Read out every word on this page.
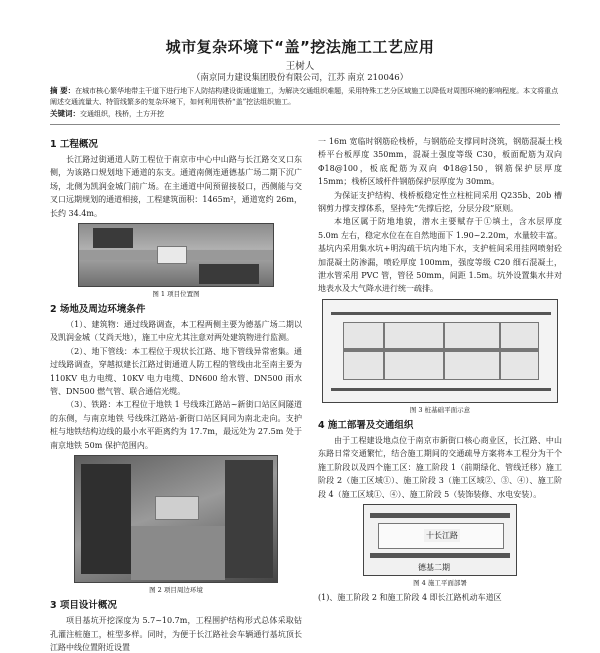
城市复杂环境下“盖”挖法施工工艺应用
王树人
（南京同力建设集团股份有限公司，江苏 南京 210046）
摘 要：在城市核心繁华地带主干道下进行地下人防结构建设街通道施工，为解决交通组织难题，采用特殊工艺分区域施工以降低对周围环境的影响程度。本文将重点阐述交通流量大、特管线繁多的复杂环境下，如何利用铁桥“盖”挖法组织施工。
关键词：交通组织，栈桥，土方开挖
1 工程概况

长江路过街通道人防工程位于南京市中心中山路与长江路交叉口东侧，为该路口规划地下通道的东支。通道南侧连通德基广场二期下沉广场，北侧为凯润金城门前广场。在主通道中间预留接驳口，西侧能与交叉口远期规划的通道相接，工程建筑面积：1465m²，通道宽约 26m，长约 34.4m。

图 1 项目位置图
2 场地及周边环境条件

（1）、建筑物：通过线路调查，本工程两侧主要为德基广场二期以及凯润金城（艾尚天地），施工中应尤其注意对两处建筑物进行监测。

（2）、地下管线：本工程位于现状长江路、地下管线异常密集。通过线路调查，穿越拟建长江路过街通道人防工程的管线由北至南主要为110KV 电力电缆、10KV 电力电缆、DN600 给水管、DN500 雨水管、DN500 燃气管、联合通信光缆。

（3）、铁路：本工程位于地铁 1 号线珠江路站~新街口站区间隧道的东侧，与南京地铁 号线珠江路站-新街口站区间同为南北走向。支护桩与地铁结构边线的最小水平距离约为 17.7m，最远处为 27.5m 处于南京地铁 50m 保护范围内。

图 2 项目周边环境
3 项目设计概况

项目基坑开挖深度为 5.7~10.7m，工程围护结构形式总体采取钻孔灌注桩施工，桩型多样。同时，为便于长江路社会车辆通行基坑顶长江路中线位置附近设置

一 16m 宽临时钢筋砼栈桥，与钢筋砼支撑同时浇筑，钢筋混凝土栈桥平台板厚度 350mm，混凝土强度等级 C30，板面配筋为双向 Φ18@100，板底配筋为双向 Φ18@150，钢筋保护层厚度 15mm；栈桥区域杆件钢筋保护层厚度为 30mm。

为保证支护结构、栈桥板稳定性立柱桩同采用 Q235b、20b 槽钢剪力撑支撑体系，坚持先“先撑后挖，分层分段”原则。

本地区属于防地地貌，潜水主要赋存于①填土，含水层厚度 5.0m 左右，稳定水位在在自然地面下 1.90~2.20m，水量较丰富。基坑内采用集水坑+明沟疏干坑内地下水，支护桩间采用挂网喷射砼加混凝土防渗漏，喷砼厚度 100mm，强度等级 C20 细石混凝土，泄水管采用 PVC 管，管径 50mm，间距 1.5m。坑外设置集水井对地表水及大气降水进行统一疏排。

图 3 桩基础平面示意
4 施工部署及交通组织

由于工程建设地点位于南京市新街口核心商业区，长江路、中山东路日常交通繁忙，结合施工期间的交通疏导方案将本工程分为干个施工阶段以及四个施工区：施工阶段 1（前期绿化、管线迁移）施工阶段 2（施工区域①）、施工阶段 3（施工区域②、③、④）、施工阶段 4（施工区域①、④）、施工阶段 5（装饰装修、水电安装）。

十长江路
德基二期
图 4 施工平面部署

(1)、施工阶段 2 和施工阶段 4 即长江路机动车道区
